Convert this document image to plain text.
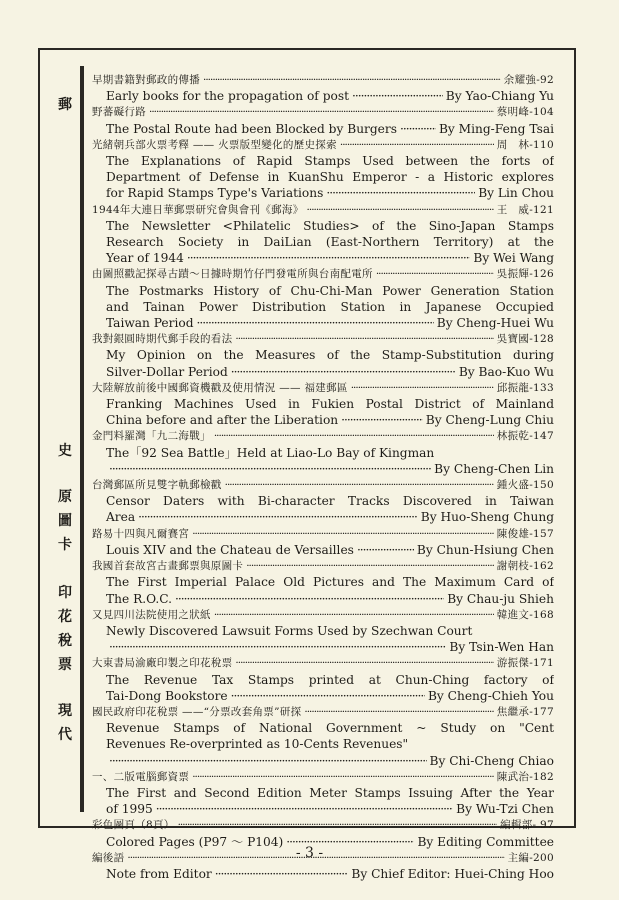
郵
史
原
圖
卡
印
花
稅
票
現
代
早期書籍對郵政的傳播 ·····	余耀強-92
Early books for the propagation of post ·····	By Yao-Chiang Yu
野蕃礙行路 ·····	蔡明峰-104
The Postal Route had been Blocked by Burgers ·····	By Ming-Feng Tsai
光緒朝兵部火票考釋 —— 火票版型變化的歷史探索 ·····	周　林-110
The Explanations of Rapid Stamps Used between the forts of
Department of Defense in KuanShu Emperor - a Historic explores
for Rapid Stamps Type's Variations ·····	By Lin Chou
1944年大連日華郵票研究會與會刊《郵海》 ·····	王　威-121
The Newsletter <Philatelic Studies> of the Sino-Japan Stamps
Research Society in DaiLian (East-Northern Territory) at the
Year of 1944 ·····	By Wei Wang
由圖照戳記探尋古蹟～日據時期竹仔門發電所與台南配電所 ·····	吳振輝-126
The Postmarks History of Chu-Chi-Man Power Generation Station
and Tainan Power Distribution Station in Japanese Occupied
Taiwan Period ·····	By Cheng-Huei Wu
我對銀圓時期代郵手段的看法 ·····	吳寶國-128
My Opinion on the Measures of the Stamp-Substitution during
Silver-Dollar Period ·····	By Bao-Kuo Wu
大陸解放前後中國郵資機戳及使用情況 —— 福建郵區 ·····	邱振龍-133
Franking Machines Used in Fukien Postal District of Mainland
China before and after the Liberation ·····	By Cheng-Lung Chiu
金門料羅灣「九二海戰」 ·····	林振乾-147
The「92 Sea Battle」Held at Liao-Lo Bay of Kingman
·····
By Cheng-Chen Lin
台灣郵區所見雙字軌郵檢戳 ·····	鍾火盛-150
Censor Daters with Bi-character Tracks Discovered in Taiwan
Area ·····	By Huo-Sheng Chung
路易十四與凡爾賽宮 ·····	陳俊雄-157
Louis XIV and the Chateau de Versailles ·····	By Chun-Hsiung Chen
我國首套故宮古畫郵票與原圖卡 ·····	謝朝枝-162
The First Imperial Palace Old Pictures and The Maximum Card of
The R.O.C. ·····	By Chau-ju Shieh
又見四川法院使用之狀紙 ·····	韓進文-168
Newly Discovered Lawsuit Forms Used by Szechwan Court
·····
By Tsin-Wen Han
大東書局渝廠印製之印花稅票 ·····	游振傑-171
The Revenue Tax Stamps printed at Chun-Ching factory of
Tai-Dong Bookstore ·····	By Cheng-Chieh You
國民政府印花稅票 ——“分票改套角票”研探 ·····	焦繼承-177
Revenue Stamps of National Government ~ Study on "Cent
Revenues Re-overprinted as 10-Cents Revenues"
·····
By Chi-Cheng Chiao
一、二版電腦郵資票 ·····	陳武治-182
The First and Second Edition Meter Stamps Issuing After the Year
of 1995 ·····	By Wu-Tzi Chen
彩色圖頁（8頁） ·····	編輯部- 97
Colored Pages (P97 ～ P104) ·····	By Editing Committee
編後語 ·····	主編-200
Note from Editor ·····	By Chief Editor: Huei-Ching Hoo
- 3 -
